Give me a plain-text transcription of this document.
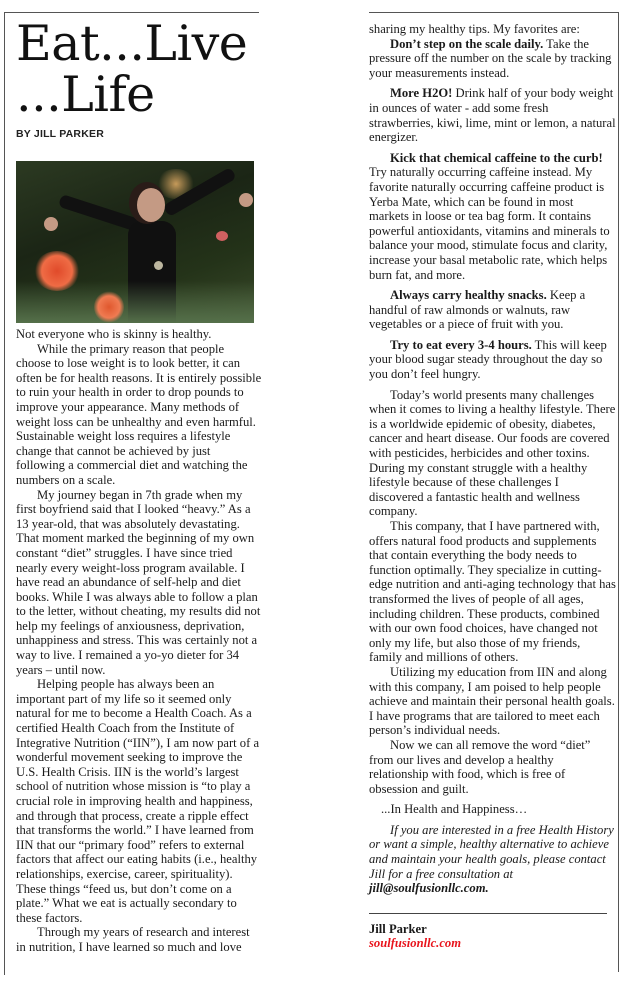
Eat...Live
...Life
BY JILL PARKER

Not everyone who is skinny is healthy.

While the primary reason that people choose to lose weight is to look better, it can often be for health reasons. It is entirely possible to ruin your health in order to drop pounds to improve your appearance. Many methods of weight loss can be unhealthy and even harmful. Sustainable weight loss requires a lifestyle change that cannot be achieved by just following a commercial diet and watching the numbers on a scale.

My journey began in 7th grade when my first boyfriend said that I looked “heavy.” As a 13 year-old, that was absolutely devastating. That moment marked the beginning of my own constant “diet” struggles. I have since tried nearly every weight-loss program available. I have read an abundance of self-help and diet books. While I was always able to follow a plan to the letter, without cheating, my results did not help my feelings of anxiousness, deprivation, unhappiness and stress. This was certainly not a way to live. I remained a yo-yo dieter for 34 years – until now.

Helping people has always been an important part of my life so it seemed only natural for me to become a Health Coach. As a certified Health Coach from the Institute of Integrative Nutrition (“IIN”), I am now part of a wonderful movement seeking to improve the U.S. Health Crisis. IIN is the world’s largest school of nutrition whose mission is “to play a crucial role in improving health and happiness, and through that process, create a ripple effect that transforms the world.” I have learned from IIN that our “primary food” refers to external factors that affect our eating habits (i.e., healthy relationships, exercise, career, spirituality). These things “feed us, but don’t come on a plate.” What we eat is actually secondary to these factors.

Through my years of research and interest in nutrition, I have learned so much and love

sharing my healthy tips. My favorites are:

Don’t step on the scale daily. Take the pressure off the number on the scale by tracking your measurements instead.

More H2O! Drink half of your body weight in ounces of water - add some fresh strawberries, kiwi, lime, mint or lemon, a natural energizer.

Kick that chemical caffeine to the curb! Try naturally occurring caffeine instead. My favorite naturally occurring caffeine product is Yerba Mate, which can be found in most markets in loose or tea bag form. It contains powerful antioxidants, vitamins and minerals to balance your mood, stimulate focus and clarity, increase your basal metabolic rate, which helps burn fat, and more.

Always carry healthy snacks. Keep a handful of raw almonds or walnuts, raw vegetables or a piece of fruit with you.

Try to eat every 3-4 hours. This will keep your blood sugar steady throughout the day so you don’t feel hungry.

Today’s world presents many challenges when it comes to living a healthy lifestyle. There is a worldwide epidemic of obesity, diabetes, cancer and heart disease. Our foods are covered with pesticides, herbicides and other toxins. During my constant struggle with a healthy lifestyle because of these challenges I discovered a fantastic health and wellness company.

This company, that I have partnered with, offers natural food products and supplements that contain everything the body needs to function optimally. They specialize in cutting-edge nutrition and anti-aging technology that has transformed the lives of people of all ages, including children. These products, combined with our own food choices, have changed not only my life, but also those of my friends, family and millions of others.

Utilizing my education from IIN and along with this company, I am poised to help people achieve and maintain their personal health goals. I have programs that are tailored to meet each person’s individual needs.

Now we can all remove the word “diet” from our lives and develop a healthy relationship with food, which is free of obsession and guilt.

...In Health and Happiness…

If you are interested in a free Health History or want a simple, healthy alternative to achieve and maintain your health goals, please contact Jill for a free consultation at jill@soulfusionllc.com.

Jill Parker
soulfusionllc.com
